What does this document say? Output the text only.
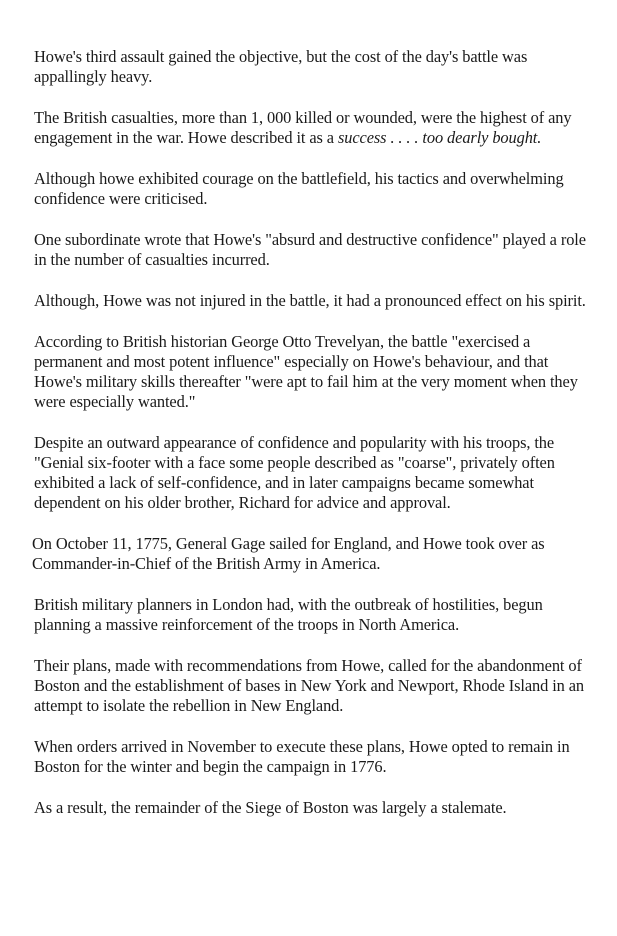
Howe's third assault gained the objective, but the cost of the day's battle was appallingly heavy.

The British casualties, more than 1, 000 killed or wounded, were the highest of any engagement in the war. Howe described it as a success . . . . too dearly bought.

Although howe exhibited courage on the battlefield, his tactics and overwhelming confidence were criticised.

One subordinate wrote that Howe's "absurd and destructive confidence" played a role in the number of casualties incurred.

Although, Howe was not injured in the battle, it had a pronounced effect on his spirit.

According to British historian George Otto Trevelyan, the battle "exercised a permanent and most potent influence" especially on Howe's behaviour, and that Howe's military skills thereafter "were apt to fail him at the very moment when they were especially wanted."

Despite an outward appearance of confidence and popularity with his troops, the "Genial six-footer with a face some people described as "coarse", privately often exhibited a lack of self-confidence, and in later campaigns became somewhat dependent on his older brother, Richard for advice and approval.

On October 11, 1775, General Gage sailed for England, and Howe took over as Commander-in-Chief of the British Army in America.

British military planners in London had, with the outbreak of hostilities, begun planning a massive reinforcement of the troops in North America.

Their plans, made with recommendations from Howe, called for the abandonment of Boston and the establishment of bases in New York and Newport, Rhode Island in an attempt to isolate the rebellion in New England.

When orders arrived in November to execute these plans, Howe opted to remain in Boston for the winter and begin the campaign in 1776.

As a result, the remainder of the Siege of Boston was largely a stalemate.
